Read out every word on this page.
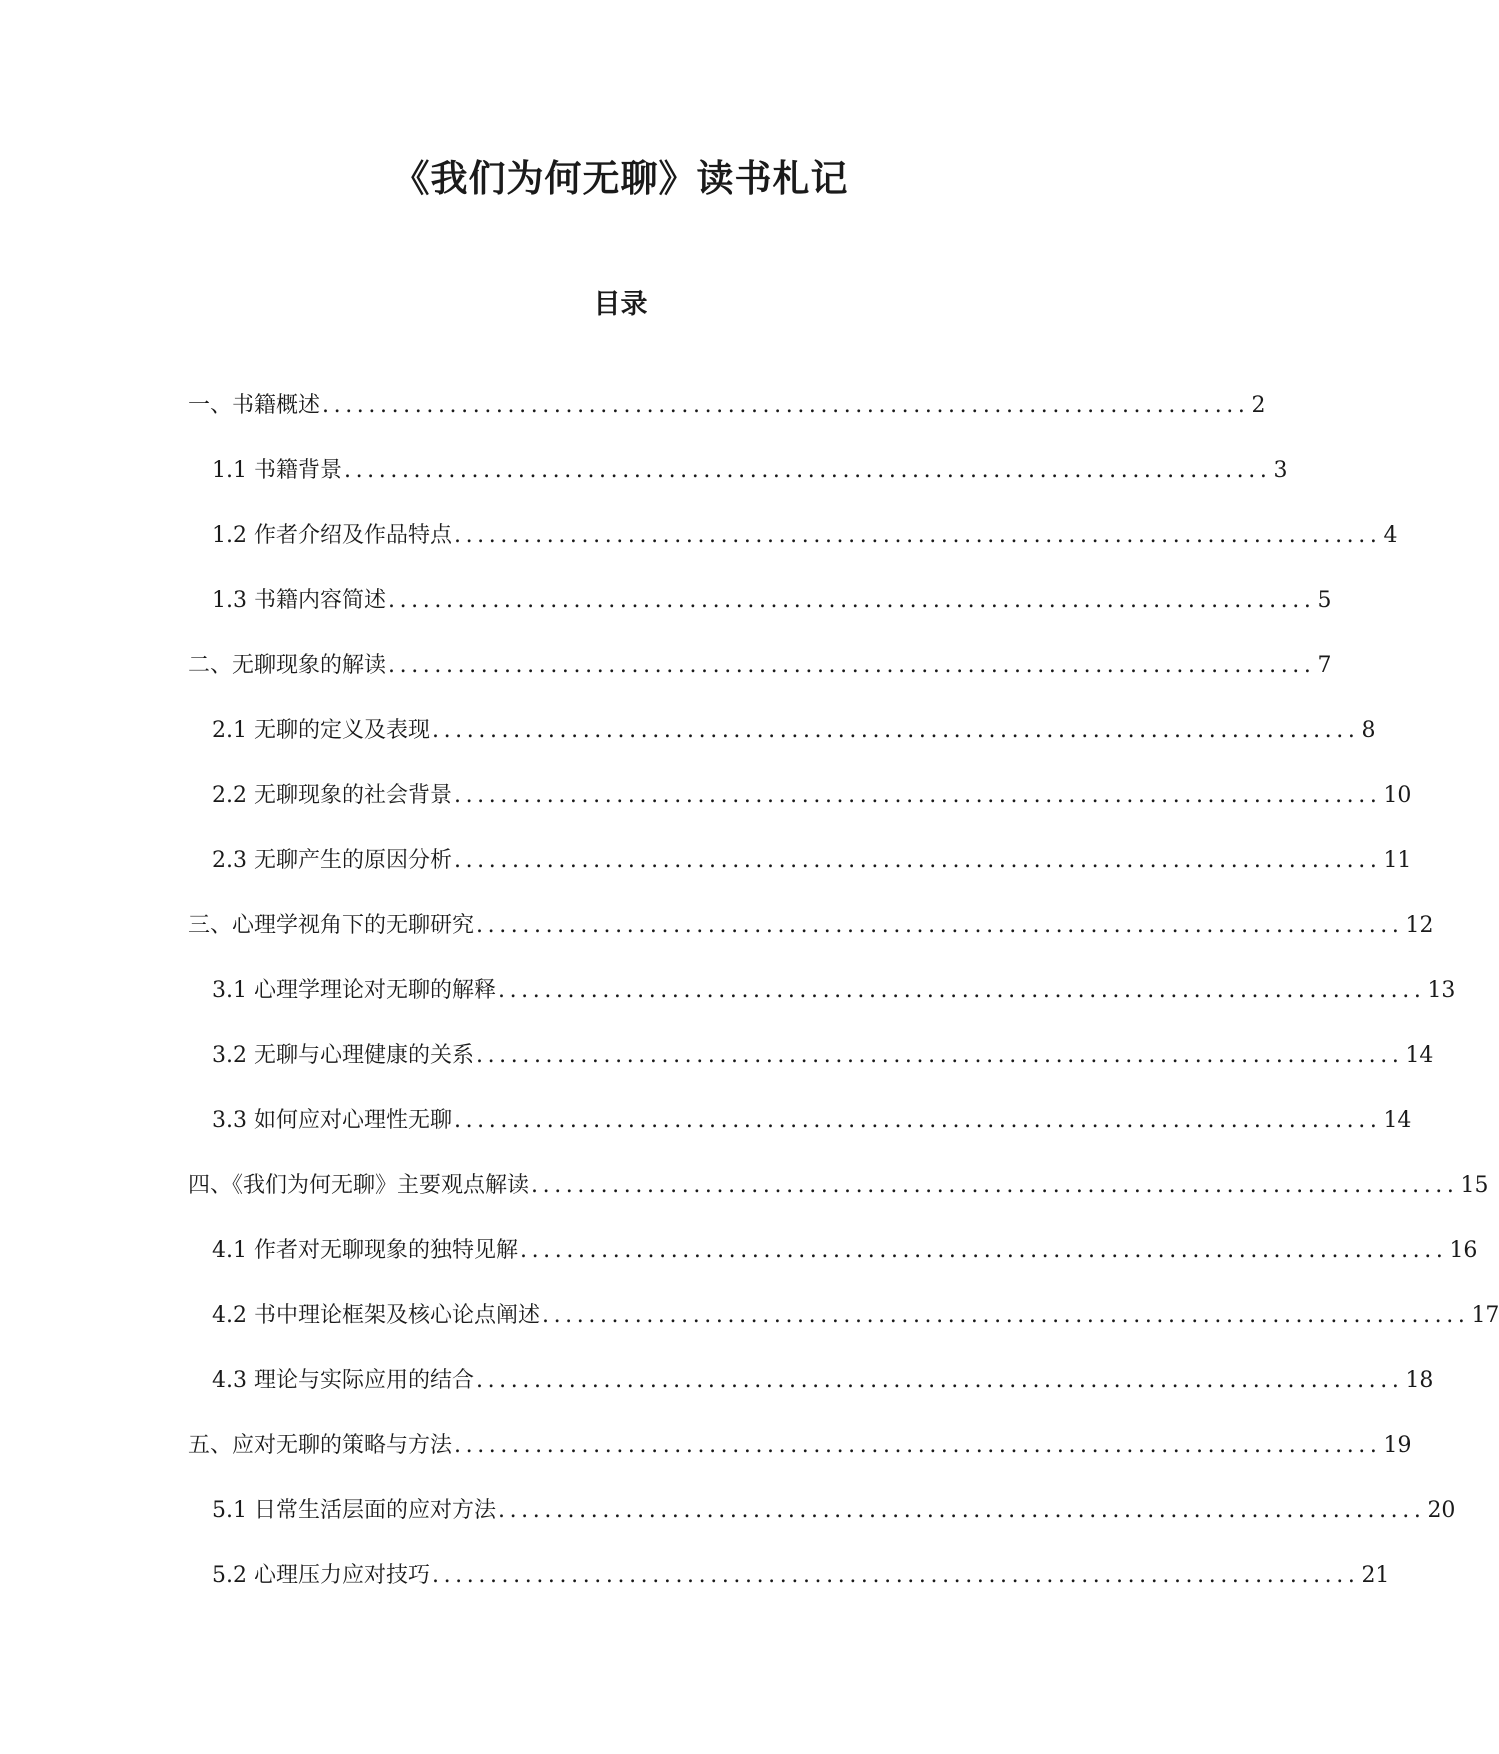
《我们为何无聊》读书札记
目录
一、书籍概述 ................................................................................ 2
1.1 书籍背景 ................................................................................ 3
1.2 作者介绍及作品特点 ................................................................................ 4
1.3 书籍内容简述 ................................................................................ 5
二、无聊现象的解读 ................................................................................ 7
2.1 无聊的定义及表现 ................................................................................ 8
2.2 无聊现象的社会背景 ................................................................................ 10
2.3 无聊产生的原因分析 ................................................................................ 11
三、心理学视角下的无聊研究 ................................................................................ 12
3.1 心理学理论对无聊的解释 ................................................................................ 13
3.2 无聊与心理健康的关系 ................................................................................ 14
3.3 如何应对心理性无聊 ................................................................................ 14
四、《我们为何无聊》主要观点解读 ................................................................................ 15
4.1 作者对无聊现象的独特见解 ................................................................................ 16
4.2 书中理论框架及核心论点阐述 ................................................................................ 17
4.3 理论与实际应用的结合 ................................................................................ 18
五、应对无聊的策略与方法 ................................................................................ 19
5.1 日常生活层面的应对方法 ................................................................................ 20
5.2 心理压力应对技巧 ................................................................................ 21
